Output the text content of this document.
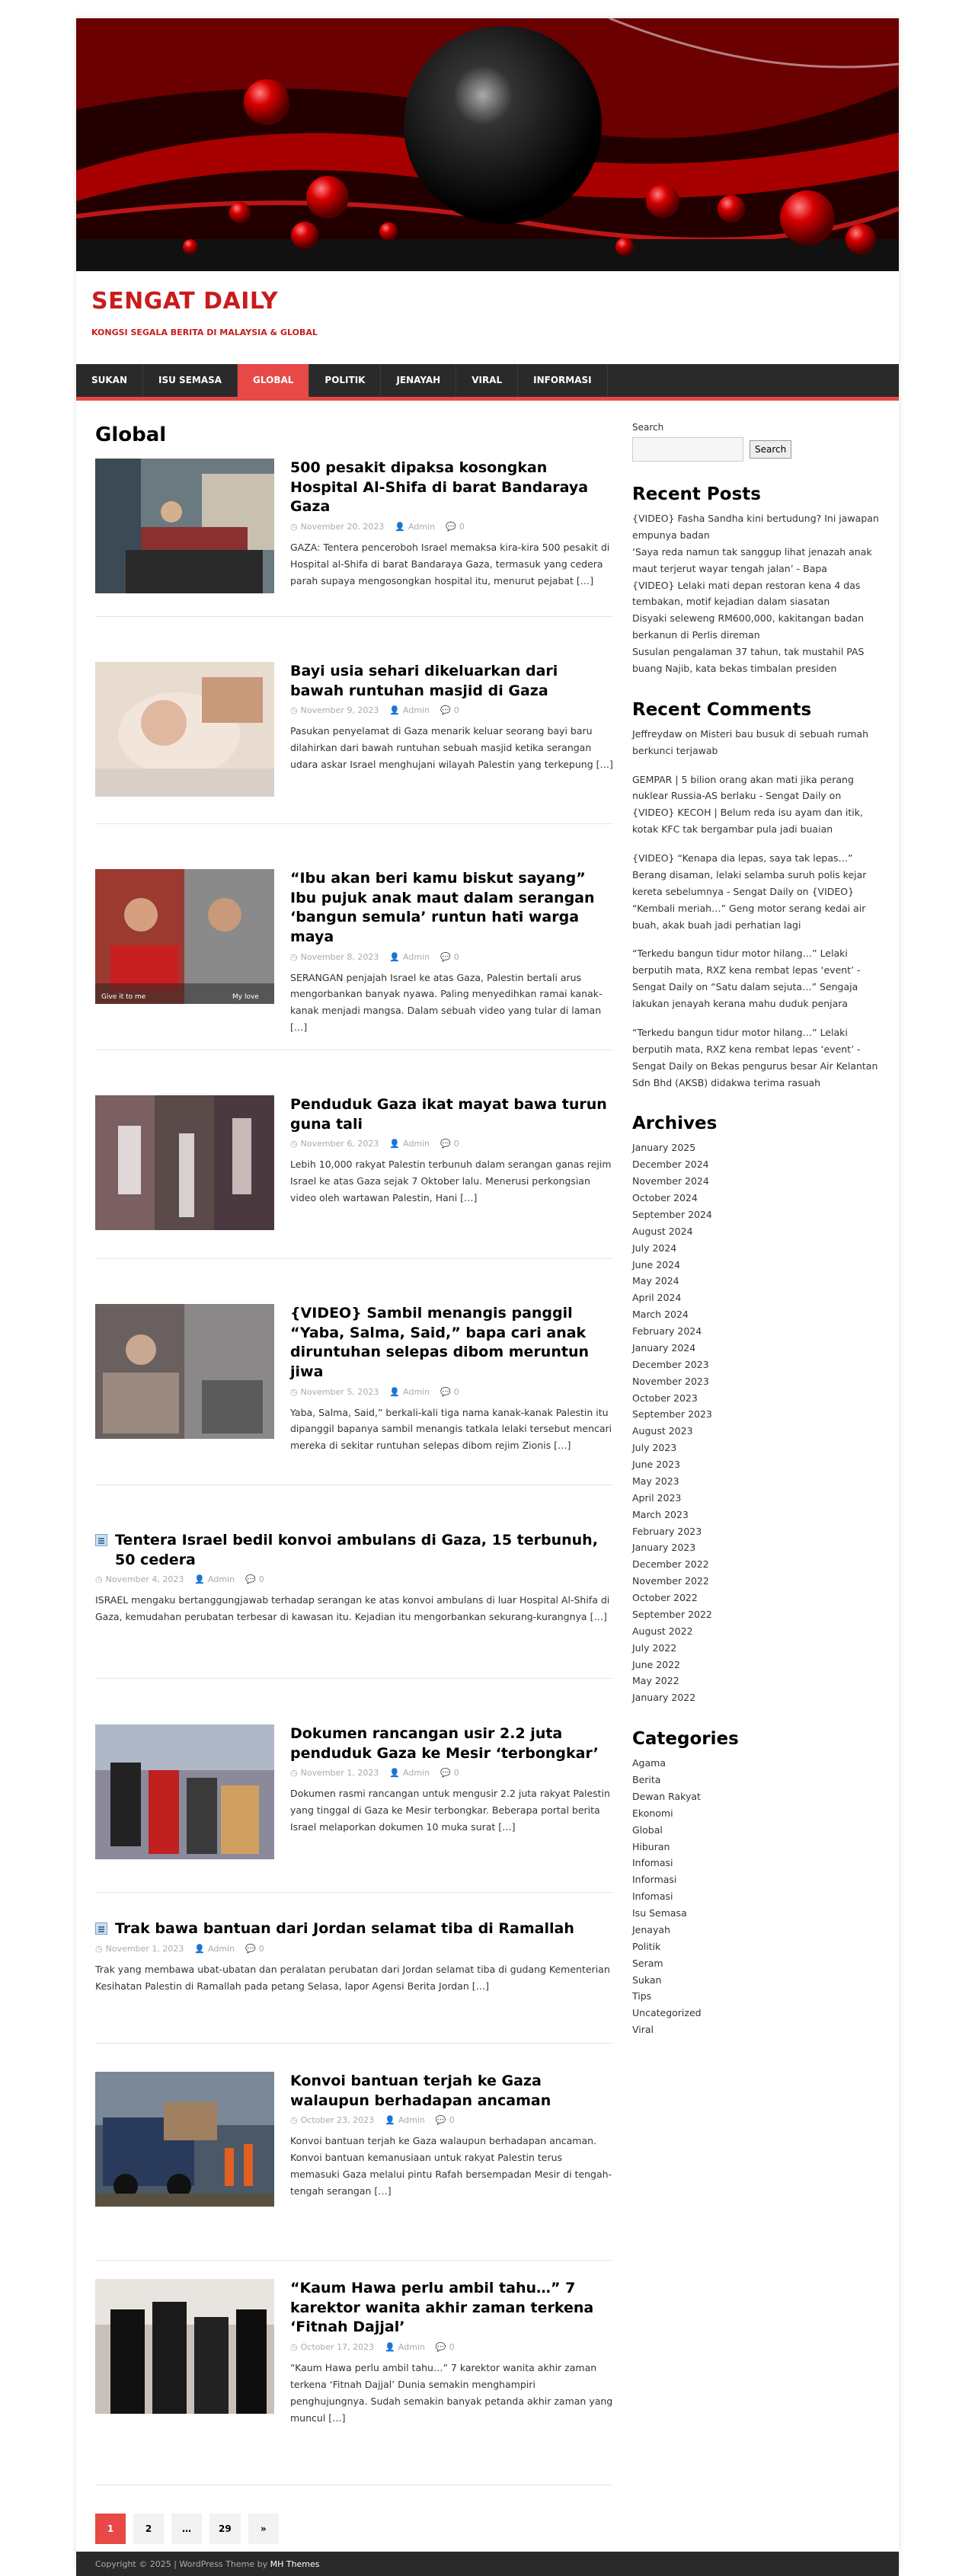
SENGAT DAILY
KONGSI SEGALA BERITA DI MALAYSIA & GLOBAL
SUKAN	ISU SEMASA	GLOBAL	POLITIK	JENAYAH	VIRAL	INFORMASI
Global
500 pesakit dipaksa kosongkan Hospital Al-Shifa di barat Bandaraya Gaza
◷ November 20, 2023 👤 Admin 💬 0
GAZA: Tentera penceroboh Israel memaksa kira-kira 500 pesakit di Hospital al-Shifa di barat Bandaraya Gaza, termasuk yang cedera parah supaya mengosongkan hospital itu, menurut pejabat […]
Bayi usia sehari dikeluarkan dari bawah runtuhan masjid di Gaza
◷ November 9, 2023 👤 Admin 💬 0
Pasukan penyelamat di Gaza menarik keluar seorang bayi baru dilahirkan dari bawah runtuhan sebuah masjid ketika serangan udara askar Israel menghujani wilayah Palestin yang terkepung […]
Give it to me	My love
“Ibu akan beri kamu biskut sayang” Ibu pujuk anak maut dalam serangan ‘bangun semula’ runtun hati warga maya
◷ November 8, 2023 👤 Admin 💬 0
SERANGAN penjajah Israel ke atas Gaza, Palestin bertali arus mengorbankan banyak nyawa. Paling menyedihkan ramai kanak-kanak menjadi mangsa. Dalam sebuah video yang tular di laman […]
Penduduk Gaza ikat mayat bawa turun guna tali
◷ November 6, 2023 👤 Admin 💬 0
Lebih 10,000 rakyat Palestin terbunuh dalam serangan ganas rejim Israel ke atas Gaza sejak 7 Oktober lalu. Menerusi perkongsian video oleh wartawan Palestin, Hani […]
{VIDEO} Sambil menangis panggil “Yaba, Salma, Said,” bapa cari anak diruntuhan selepas dibom meruntun jiwa
◷ November 5, 2023 👤 Admin 💬 0
Yaba, Salma, Said,” berkali-kali tiga nama kanak-kanak Palestin itu dipanggil bapanya sambil menangis tatkala lelaki tersebut mencari mereka di sekitar runtuhan selepas dibom rejim Zionis […]
Tentera Israel bedil konvoi ambulans di Gaza, 15 terbunuh, 50 cedera
◷ November 4, 2023 👤 Admin 💬 0
ISRAEL mengaku bertanggungjawab terhadap serangan ke atas konvoi ambulans di luar Hospital Al-Shifa di Gaza, kemudahan perubatan terbesar di kawasan itu. Kejadian itu mengorbankan sekurang-kurangnya […]
Dokumen rancangan usir 2.2 juta penduduk Gaza ke Mesir ‘terbongkar’
◷ November 1, 2023 👤 Admin 💬 0
Dokumen rasmi rancangan untuk mengusir 2.2 juta rakyat Palestin yang tinggal di Gaza ke Mesir terbongkar. Beberapa portal berita Israel melaporkan dokumen 10 muka surat […]
Trak bawa bantuan dari Jordan selamat tiba di Ramallah
◷ November 1, 2023 👤 Admin 💬 0
Trak yang membawa ubat-ubatan dan peralatan perubatan dari Jordan selamat tiba di gudang Kementerian Kesihatan Palestin di Ramallah pada petang Selasa, lapor Agensi Berita Jordan […]
Konvoi bantuan terjah ke Gaza walaupun berhadapan ancaman
◷ October 23, 2023 👤 Admin 💬 0
Konvoi bantuan terjah ke Gaza walaupun berhadapan ancaman. Konvoi bantuan kemanusiaan untuk rakyat Palestin terus memasuki Gaza melalui pintu Rafah bersempadan Mesir di tengah-tengah serangan […]
“Kaum Hawa perlu ambil tahu…” 7 karektor wanita akhir zaman terkena ‘Fitnah Dajjal’
◷ October 17, 2023 👤 Admin 💬 0
“Kaum Hawa perlu ambil tahu…” 7 karektor wanita akhir zaman terkena ‘Fitnah Dajjal’ Dunia semakin menghampiri penghujungnya. Sudah semakin banyak petanda akhir zaman yang muncul […]
1	2	…	29	»
Search
Search
Recent Posts
{VIDEO} Fasha Sandha kini bertudung? Ini jawapan empunya badan
‘Saya reda namun tak sanggup lihat jenazah anak maut terjerut wayar tengah jalan’ - Bapa
{VIDEO} Lelaki mati depan restoran kena 4 das tembakan, motif kejadian dalam siasatan
Disyaki seleweng RM600,000, kakitangan badan berkanun di Perlis direman
Susulan pengalaman 37 tahun, tak mustahil PAS buang Najib, kata bekas timbalan presiden
Recent Comments
Jeffreydaw on Misteri bau busuk di sebuah rumah berkunci terjawab
GEMPAR | 5 bilion orang akan mati jika perang nuklear Russia-AS berlaku - Sengat Daily on {VIDEO} KECOH | Belum reda isu ayam dan itik, kotak KFC tak bergambar pula jadi buaian
{VIDEO} “Kenapa dia lepas, saya tak lepas…” Berang disaman, lelaki selamba suruh polis kejar kereta sebelumnya - Sengat Daily on {VIDEO} “Kembali meriah…” Geng motor serang kedai air buah, akak buah jadi perhatian lagi
“Terkedu bangun tidur motor hilang…” Lelaki berputih mata, RXZ kena rembat lepas ‘event’ - Sengat Daily on “Satu dalam sejuta…” Sengaja lakukan jenayah kerana mahu duduk penjara
“Terkedu bangun tidur motor hilang…” Lelaki berputih mata, RXZ kena rembat lepas ‘event’ - Sengat Daily on Bekas pengurus besar Air Kelantan Sdn Bhd (AKSB) didakwa terima rasuah
Archives
January 2025
December 2024
November 2024
October 2024
September 2024
August 2024
July 2024
June 2024
May 2024
April 2024
March 2024
February 2024
January 2024
December 2023
November 2023
October 2023
September 2023
August 2023
July 2023
June 2023
May 2023
April 2023
March 2023
February 2023
January 2023
December 2022
November 2022
October 2022
September 2022
August 2022
July 2022
June 2022
May 2022
January 2022
Categories
Agama
Berita
Dewan Rakyat
Ekonomi
Global
Hiburan
Infomasi
Informasi
Infomasi
Isu Semasa
Jenayah
Politik
Seram
Sukan
Tips
Uncategorized
Viral
Copyright © 2025 | WordPress Theme by MH Themes
